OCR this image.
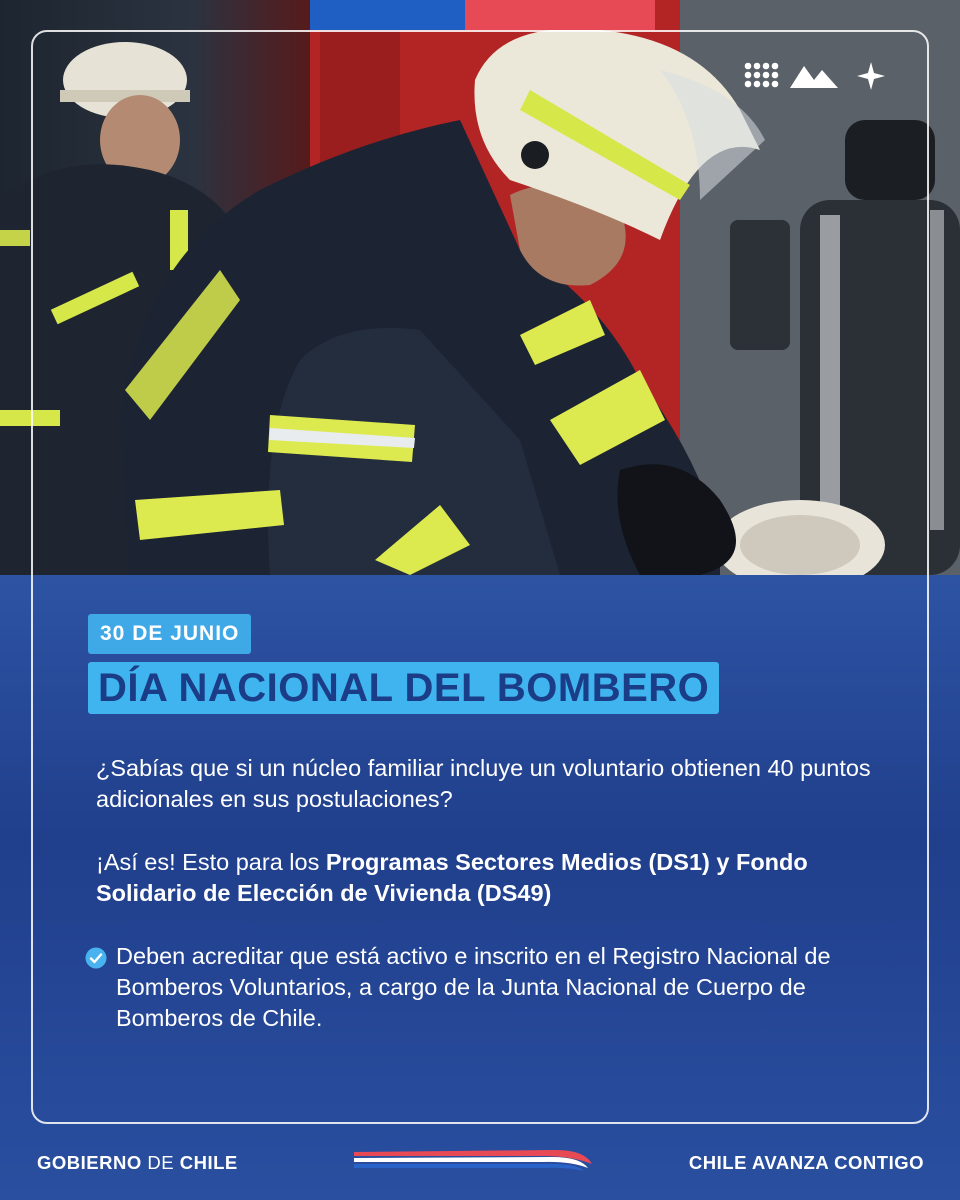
30 DE JUNIO
DÍA NACIONAL DEL BOMBERO
¿Sabías que si un núcleo familiar incluye un voluntario obtienen 40 puntos adicionales en sus postulaciones?
¡Así es! Esto para los Programas Sectores Medios (DS1) y Fondo Solidario de Elección de Vivienda (DS49)
Deben acreditar que está activo e inscrito en el Registro Nacional de Bomberos Voluntarios, a cargo de la Junta Nacional de Cuerpo de Bomberos de Chile.
GOBIERNO DE CHILE	CHILE AVANZA CONTIGO
